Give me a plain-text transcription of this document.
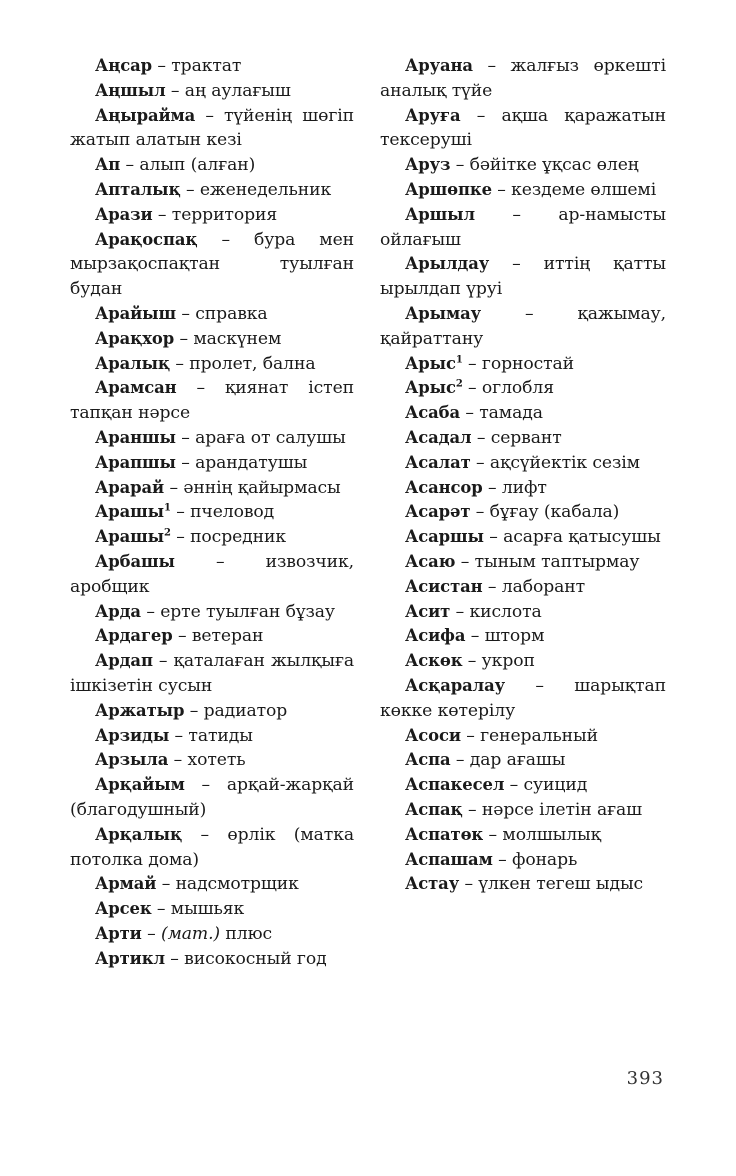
Аңсар – трактат

Аңшыл – аң аулағыш

Аңырайма – түйенің шөгіп жатып алатын кезі

Ап – алып (алған)

Апталық – еженедельник

Арази – территория

Арақоспақ – бура мен мырзақоспақтан туылған будан

Арайыш – справка

Арақхор – маскүнем

Аралық – пролет, бална

Арамсан – қиянат істеп тапқан нәрсе

Араншы – араға от салушы

Арапшы – арандатушы

Арарай – әннің қайырмасы

Арашы$^1$ – пчеловод

Арашы$^2$ – посредник

Арбашы – извозчик, аробщик

Арда – ерте туылған бұзау

Ардагер – ветеран

Ардап – қаталаған жылқыға ішкізетін сусын

Аржатыр – радиатор

Арзиды – татиды

Арзыла – хотеть

Арқайым – арқай-жарқай (благодушный)

Арқалық – өрлік (матка потолка дома)

Армай – надсмотрщик

Арсек – мышьяк

Арти – (мат.) плюс

Артикл – високосный год

Аруана – жалғыз өркешті аналық түйе

Аруға – ақша қаражатын тексеруші

Аруз – бәйітке ұқсас өлең

Аршөпке – кездеме өлшемі

Аршыл – ар-намысты ойлағыш

Арылдау – иттің қатты ырылдап үруі

Арымау – қажымау, қайраттану

Арыс$^1$ – горностай

Арыс$^2$ – оглобля

Асаба – тамада

Асадал – сервант

Асалат – ақсүйектік сезім

Асансор – лифт

Асарәт – бұғау (кабала)

Асаршы – асарға қатысушы

Асаю – тыным таптырмау

Асистан – лаборант

Асит – кислота

Асифа – шторм

Аскөк – укроп

Асқаралау – шарықтап көкке көтерілу

Асоси – генеральный

Аспа – дар ағашы

Аспакесел – суицид

Аспақ – нәрсе ілетін ағаш

Аспатөк – молшылық

Аспашам – фонарь

Астау – үлкен тегеш ыдыс

393
